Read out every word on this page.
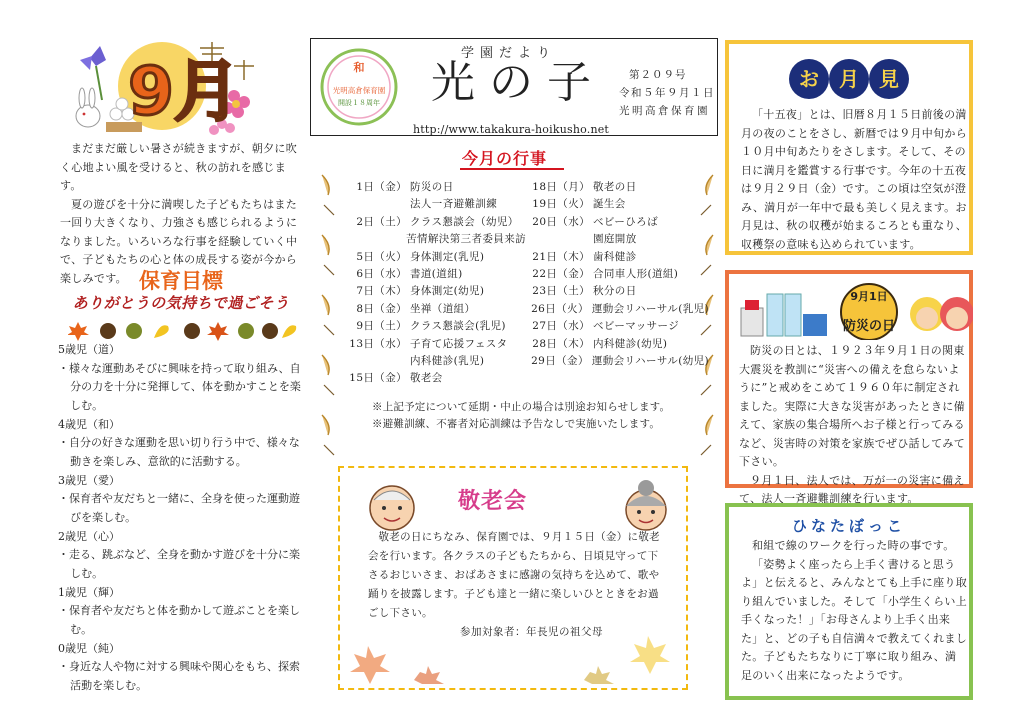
9月
まだまだ厳しい暑さが続きますが、朝夕に吹く心地よい風を受けると、秋の訪れを感じます。
夏の遊びを十分に満喫した子どもたちはまた一回り大きくなり、力強さも感じられるようになりました。いろいろな行事を経験していく中で、子どもたちの心と体の成長する姿が今から楽しみです。 保育目標
ありがとうの気持ちで過ごそう
5歳児（道）
・様々な運動あそびに興味を持って取り組み、自分の力を十分に発揮して、体を動かすことを楽しむ。
4歳児（和）
・自分の好きな運動を思い切り行う中で、様々な動きを楽しみ、意欲的に活動する。
3歳児（愛）
・保育者や友だちと一緒に、全身を使った運動遊びを楽しむ。
2歳児（心）
・走る、跳ぶなど、全身を動かす遊びを十分に楽しむ。
1歳児（輝）
・保育者や友だちと体を動かして遊ぶことを楽しむ。
0歳児（純）
・身近な人や物に対する興味や関心をもち、探索活動を楽しむ。
和
光明高倉保育園
開設１８周年
学園だより
光の子 第２０９号
令和５年９月１日
光明高倉保育園
http://www.takakura-hoikusho.net
今月の行事
1日（金） 防災の日
法人一斉避難訓練
2日（土） クラス懇談会（幼児）
苦情解決第三者委員来訪
5日（火） 身体測定(乳児)
6日（水） 書道(道組)
7日（木） 身体測定(幼児)
8日（金） 坐禅（道組）
9日（土） クラス懇談会(乳児)
13日（水） 子育て応援フェスタ
内科健診(乳児)
15日（金） 敬老会
18日（月） 敬老の日
19日（火） 誕生会
20日（水） ベビーひろば
園庭開放
21日（木） 歯科健診
22日（金） 合同車人形(道組)
23日（土） 秋分の日
26日（火） 運動会リハーサル(乳児)
27日（水） ベビーマッサージ
28日（木） 内科健診(幼児)
29日（金） 運動会リハーサル(幼児)
※上記予定について延期・中止の場合は別途お知らせします。
※避難訓練、不審者対応訓練は予告なしで実施いたします。
敬老会
敬老の日にちなみ、保育園では、９月１５日（金）に敬老会を行います。各クラスの子どもたちから、日頃見守って下さるおじいさま、おばあさまに感謝の気持ちを込めて、歌や踊りを披露します。子ども達と一緒に楽しいひとときをお過ごし下さい。
参加対象者：年長児の祖父母
お 月 見
「十五夜」とは、旧暦８月１５日前後の満月の夜のことをさし、新暦では９月中旬から１０月中旬あたりをさします。そして、その日に満月を鑑賞する行事です。今年の十五夜は９月２９日（金）です。この頃は空気が澄み、満月が一年中で最も美しく見えます。お月見は、秋の収穫が始まるころとも重なり、収穫祭の意味も込められています。
9月1日
防災の日
防災の日とは、１９２３年９月１日の関東大震災を教訓に“災害への備えを怠らないように”と戒めをこめて１９６０年に制定されました。実際に大きな災害があったときに備えて、家族の集合場所へお子様と行ってみるなど、災害時の対策を家族でぜひ話してみて下さい。
９月１日、法人では、万が一の災害に備えて、法人一斉避難訓練を行います。
ひなたぼっこ
和組で線のワークを行った時の事です。
「姿勢よく座ったら上手く書けると思うよ」と伝えると、みんなとても上手に座り取り組んでいました。そして「小学生くらい上手くなった！」「お母さんより上手く出来た」と、どの子も自信満々で教えてくれました。子どもたちなりに丁寧に取り組み、満足のいく出来になったようです。
